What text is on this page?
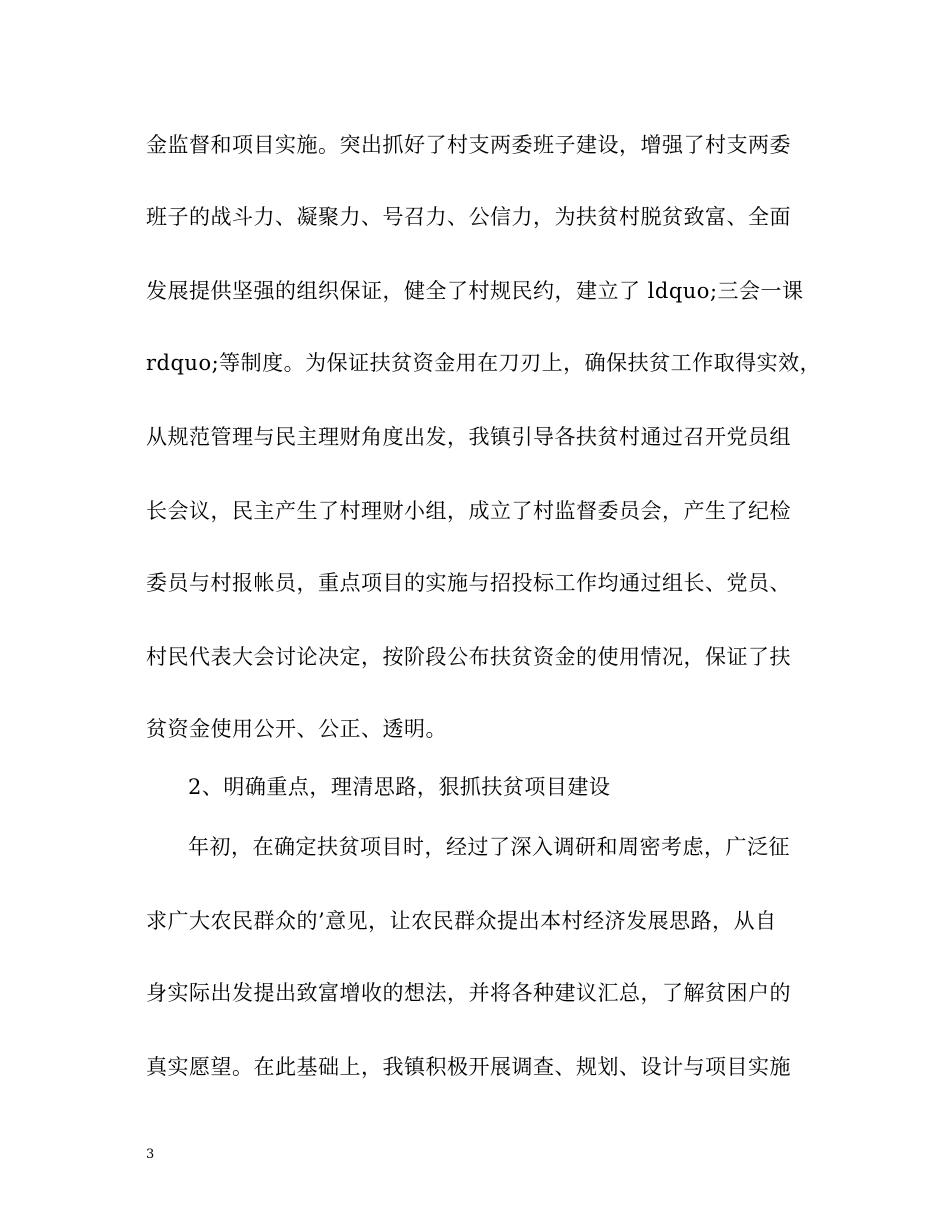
金监督和项目实施。突出抓好了村支两委班子建设，增强了村支两委
班子的战斗力、凝聚力、号召力、公信力，为扶贫村脱贫致富、全面
发展提供坚强的组织保证，健全了村规民约，建立了 ldquo;三会一课
rdquo;等制度。为保证扶贫资金用在刀刃上，确保扶贫工作取得实效，
从规范管理与民主理财角度出发，我镇引导各扶贫村通过召开党员组
长会议，民主产生了村理财小组，成立了村监督委员会，产生了纪检
委员与村报帐员，重点项目的实施与招投标工作均通过组长、党员、
村民代表大会讨论决定，按阶段公布扶贫资金的使用情况，保证了扶
贫资金使用公开、公正、透明。
2、明确重点，理清思路，狠抓扶贫项目建设
年初，在确定扶贫项目时，经过了深入调研和周密考虑，广泛征
求广大农民群众的’意见，让农民群众提出本村经济发展思路，从自
身实际出发提出致富增收的想法，并将各种建议汇总，了解贫困户的
真实愿望。在此基础上，我镇积极开展调查、规划、设计与项目实施
3
